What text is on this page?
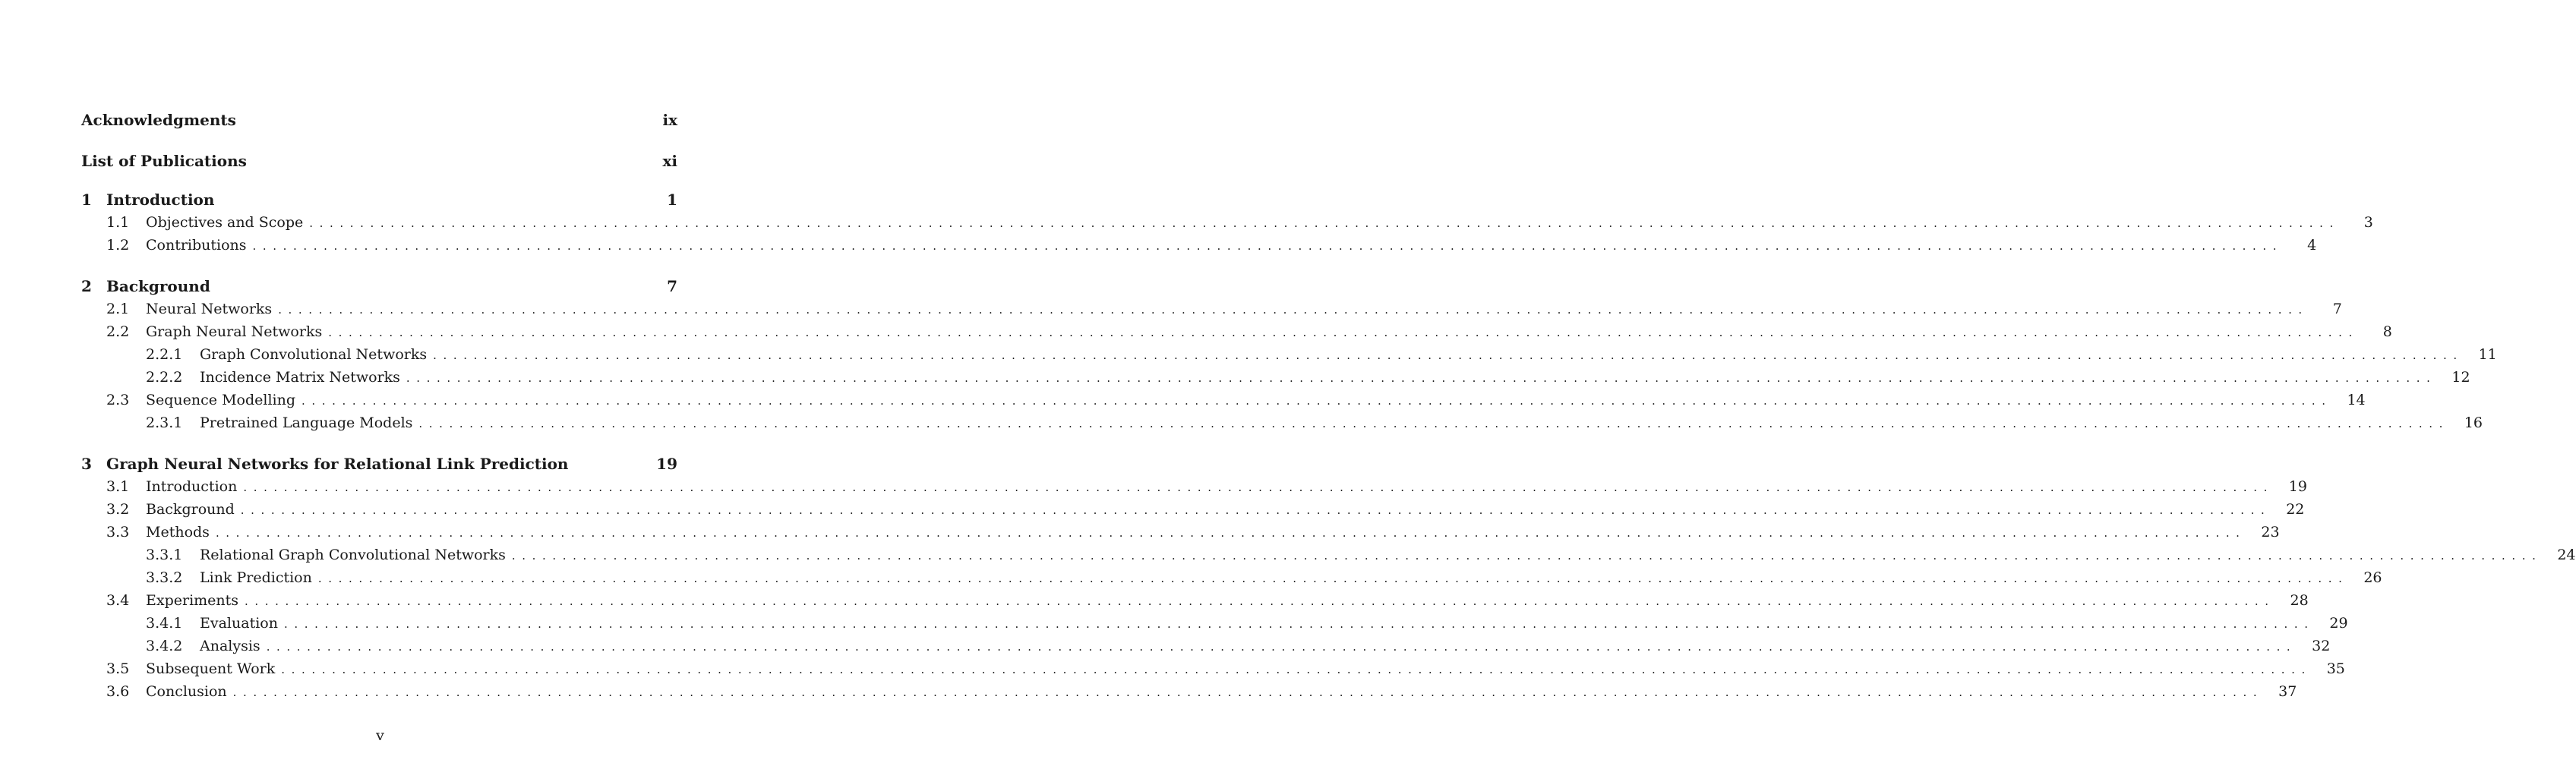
Acknowledgments	ix
List of Publications	xi
1 Introduction	1
1.1	Objectives and Scope ........................................................................................................................................................................................................	3
1.2	Contributions ........................................................................................................................................................................................................	4
2 Background	7
2.1	Neural Networks ........................................................................................................................................................................................................	7
2.2	Graph Neural Networks ........................................................................................................................................................................................................	8
2.2.1	Graph Convolutional Networks ........................................................................................................................................................................................................	11
2.2.2	Incidence Matrix Networks ........................................................................................................................................................................................................	12
2.3	Sequence Modelling ........................................................................................................................................................................................................	14
2.3.1	Pretrained Language Models ........................................................................................................................................................................................................	16
3 Graph Neural Networks for Relational Link Prediction	19
3.1	Introduction ........................................................................................................................................................................................................	19
3.2	Background ........................................................................................................................................................................................................	22
3.3	Methods ........................................................................................................................................................................................................	23
3.3.1	Relational Graph Convolutional Networks ........................................................................................................................................................................................................	24
3.3.2	Link Prediction ........................................................................................................................................................................................................	26
3.4	Experiments ........................................................................................................................................................................................................	28
3.4.1	Evaluation ........................................................................................................................................................................................................	29
3.4.2	Analysis ........................................................................................................................................................................................................	32
3.5	Subsequent Work ........................................................................................................................................................................................................	35
3.6	Conclusion ........................................................................................................................................................................................................	37
v
